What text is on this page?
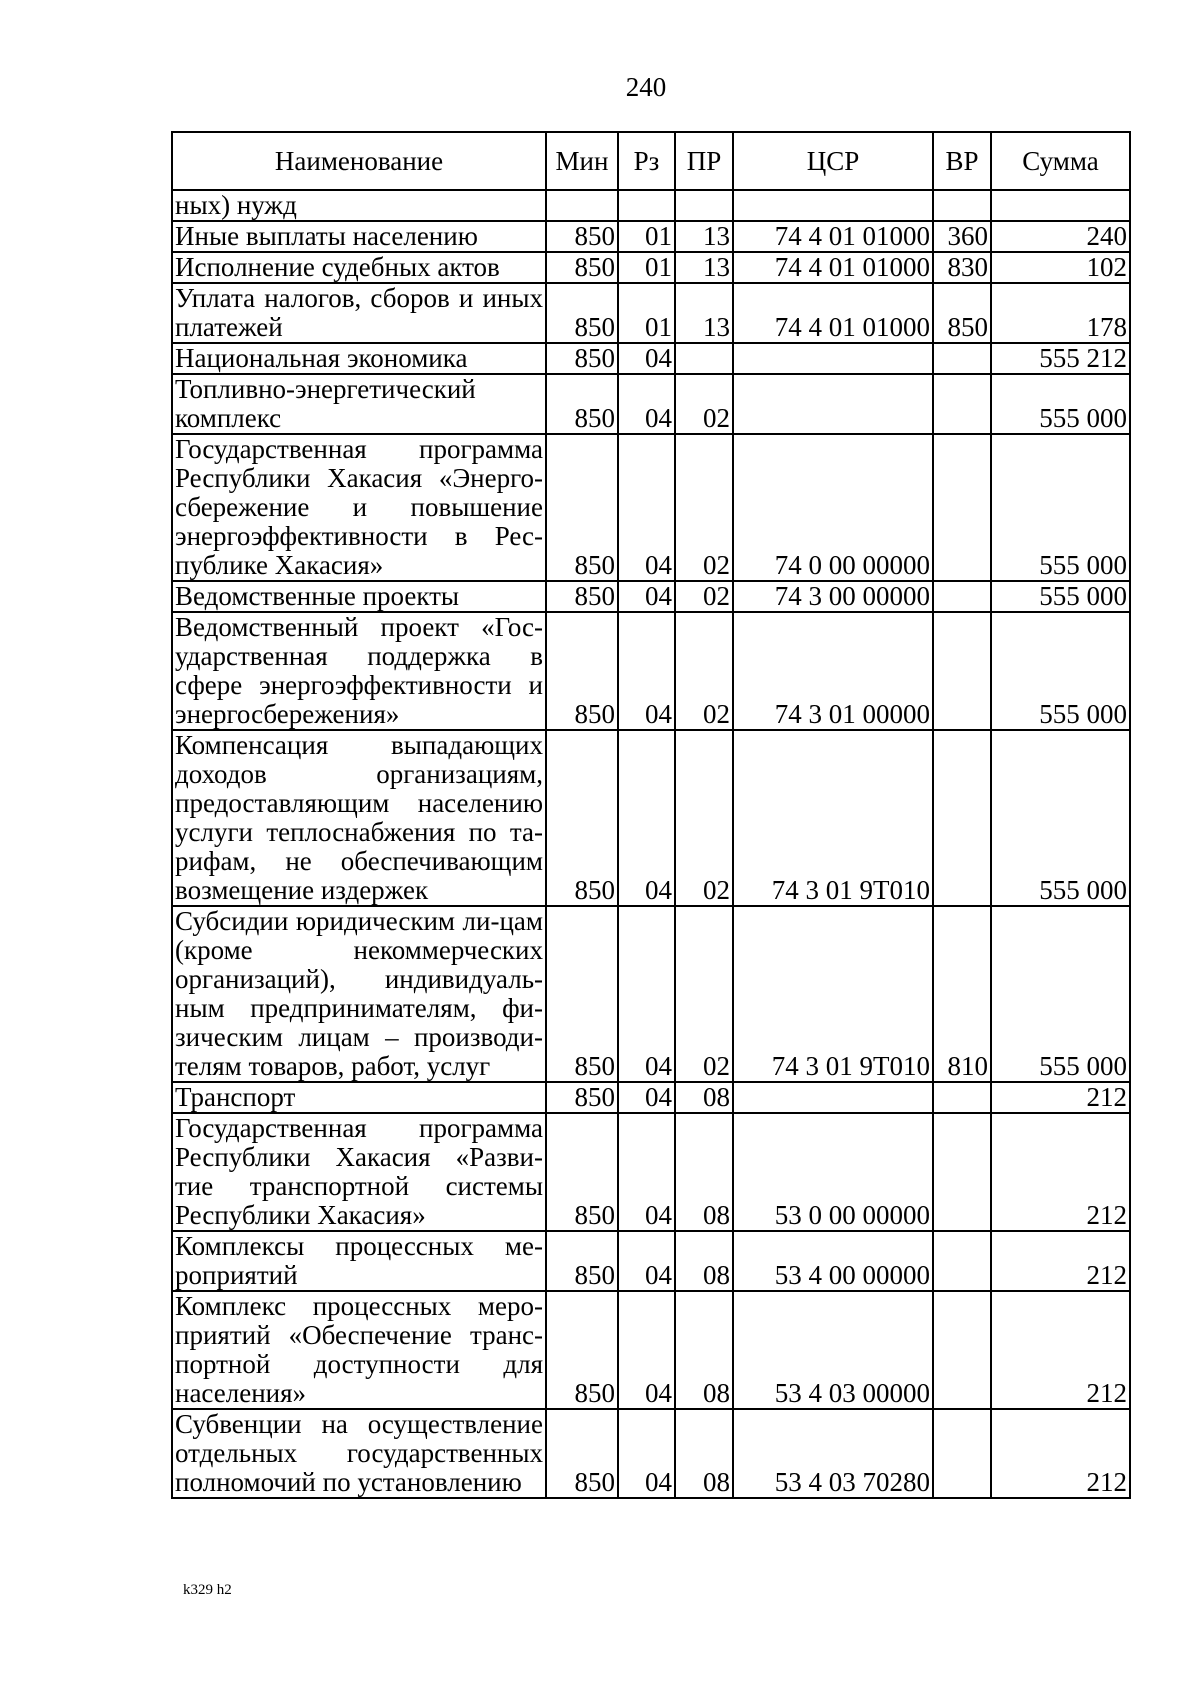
240
Наименование	Мин	Рз	ПР	ЦСР	ВР	Сумма
ных) нужд						
Иные выплаты населению	850	01	13	74 4 01 01000	360	240
Исполнение судебных актов	850	01	13	74 4 01 01000	830	102
Уплата налогов, сборов и иных платежей	850	01	13	74 4 01 01000	850	178
Национальная экономика	850	04				555 212
Топливно-энергетический комплекс	850	04	02			555 000
Государственная программа Республики Хакасия «Энерго-сбережение и повышение энергоэффективности в Рес-публике Хакасия»	850	04	02	74 0 00 00000		555 000
Ведомственные проекты	850	04	02	74 3 00 00000		555 000
Ведомственный проект «Гос-ударственная поддержка в сфере энергоэффективности и энергосбережения»	850	04	02	74 3 01 00000		555 000
Компенсация выпадающих доходов организациям, предоставляющим населению услуги теплоснабжения по та-рифам, не обеспечивающим возмещение издержек	850	04	02	74 3 01 9Т010		555 000
Субсидии юридическим ли-цам (кроме некоммерческих организаций), индивидуаль-ным предпринимателям, фи-зическим лицам – производи-телям товаров, работ, услуг	850	04	02	74 3 01 9Т010	810	555 000
Транспорт	850	04	08			212
Государственная программа Республики Хакасия «Разви-тие транспортной системы Республики Хакасия»	850	04	08	53 0 00 00000		212
Комплексы процессных ме-роприятий	850	04	08	53 4 00 00000		212
Комплекс процессных меро-приятий «Обеспечение транс-портной доступности для населения»	850	04	08	53 4 03 00000		212
Субвенции на осуществление отдельных государственных полномочий по установлению	850	04	08	53 4 03 70280		212
k329 h2
